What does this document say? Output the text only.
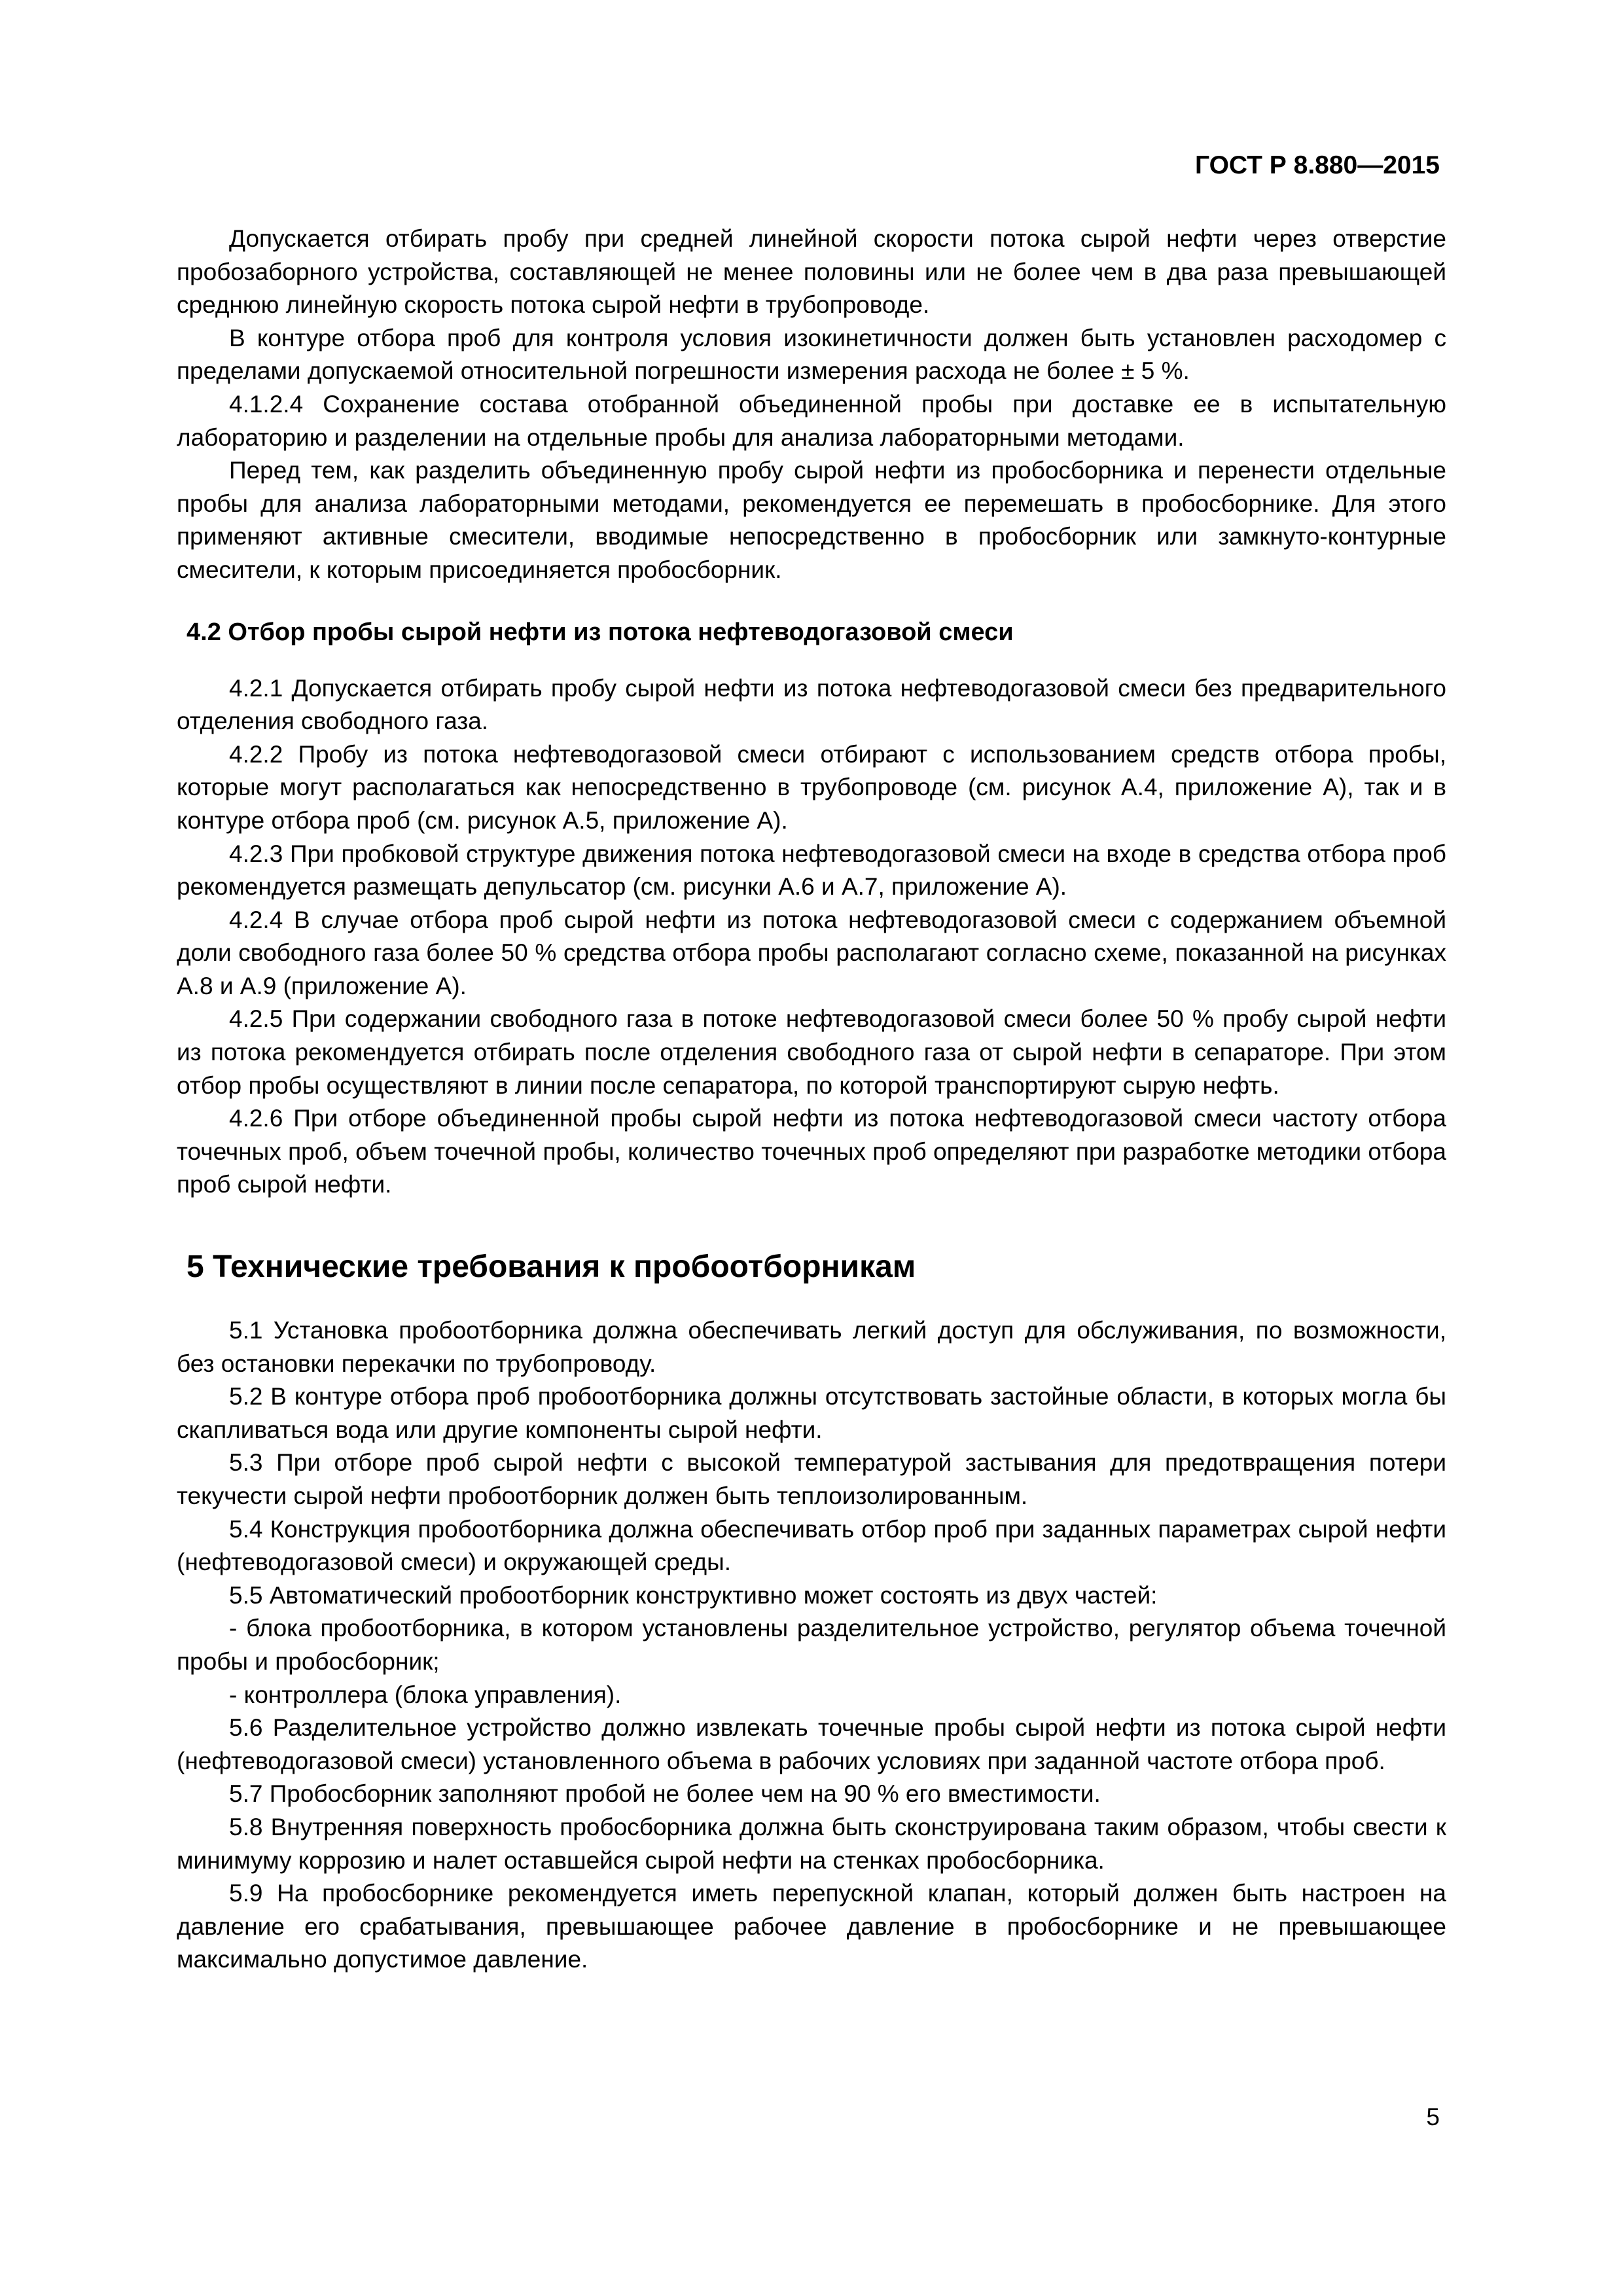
ГОСТ Р 8.880—2015

Допускается отбирать пробу при средней линейной скорости потока сырой нефти через отверстие пробозаборного устройства, составляющей не менее половины или не более чем в два раза превышающей среднюю линейную скорость потока сырой нефти в трубопроводе.

В контуре отбора проб для контроля условия изокинетичности должен быть установлен расходомер с пределами допускаемой относительной погрешности измерения расхода не более ± 5 %.

4.1.2.4 Сохранение состава отобранной объединенной пробы при доставке ее в испытательную лабораторию и разделении на отдельные пробы для анализа лабораторными методами.

Перед тем, как разделить объединенную пробу сырой нефти из пробосборника и перенести отдельные пробы для анализа лабораторными методами, рекомендуется ее перемешать в пробосборнике. Для этого применяют активные смесители, вводимые непосредственно в пробосборник или замкнуто-контурные смесители, к которым присоединяется пробосборник.

4.2 Отбор пробы сырой нефти из потока нефтеводогазовой смеси

4.2.1 Допускается отбирать пробу сырой нефти из потока нефтеводогазовой смеси без предварительного отделения свободного газа.

4.2.2 Пробу из потока нефтеводогазовой смеси отбирают с использованием средств отбора пробы, которые могут располагаться как непосредственно в трубопроводе (см. рисунок А.4, приложение А), так и в контуре отбора проб (см. рисунок А.5, приложение А).

4.2.3 При пробковой структуре движения потока нефтеводогазовой смеси на входе в средства отбора проб рекомендуется размещать депульсатор (см. рисунки А.6 и А.7, приложение А).

4.2.4 В случае отбора проб сырой нефти из потока нефтеводогазовой смеси с содержанием объемной доли свободного газа более 50 % средства отбора пробы располагают согласно схеме, показанной на рисунках А.8 и А.9 (приложение А).

4.2.5 При содержании свободного газа в потоке нефтеводогазовой смеси более 50 % пробу сырой нефти из потока рекомендуется отбирать после отделения свободного газа от сырой нефти в сепараторе. При этом отбор пробы осуществляют в линии после сепаратора, по которой транспортируют сырую нефть.

4.2.6 При отборе объединенной пробы сырой нефти из потока нефтеводогазовой смеси частоту отбора точечных проб, объем точечной пробы, количество точечных проб определяют при разработке методики отбора проб сырой нефти.

5 Технические требования к пробоотборникам

5.1 Установка пробоотборника должна обеспечивать легкий доступ для обслуживания, по возможности, без остановки перекачки по трубопроводу.

5.2 В контуре отбора проб пробоотборника должны отсутствовать застойные области, в которых могла бы скапливаться вода или другие компоненты сырой нефти.

5.3 При отборе проб сырой нефти с высокой температурой застывания для предотвращения потери текучести сырой нефти пробоотборник должен быть теплоизолированным.

5.4 Конструкция пробоотборника должна обеспечивать отбор проб при заданных параметрах сырой нефти (нефтеводогазовой смеси) и окружающей среды.

5.5 Автоматический пробоотборник конструктивно может состоять из двух частей:

- блока пробоотборника, в котором установлены разделительное устройство, регулятор объема точечной пробы и пробосборник;

- контроллера (блока управления).

5.6 Разделительное устройство должно извлекать точечные пробы сырой нефти из потока сырой нефти (нефтеводогазовой смеси) установленного объема в рабочих условиях при заданной частоте отбора проб.

5.7 Пробосборник заполняют пробой не более чем на 90 % его вместимости.

5.8 Внутренняя поверхность пробосборника должна быть сконструирована таким образом, чтобы свести к минимуму коррозию и налет оставшейся сырой нефти на стенках пробосборника.

5.9 На пробосборнике рекомендуется иметь перепускной клапан, который должен быть настроен на давление его срабатывания, превышающее рабочее давление в пробосборнике и не превышающее максимально допустимое давление.

5
